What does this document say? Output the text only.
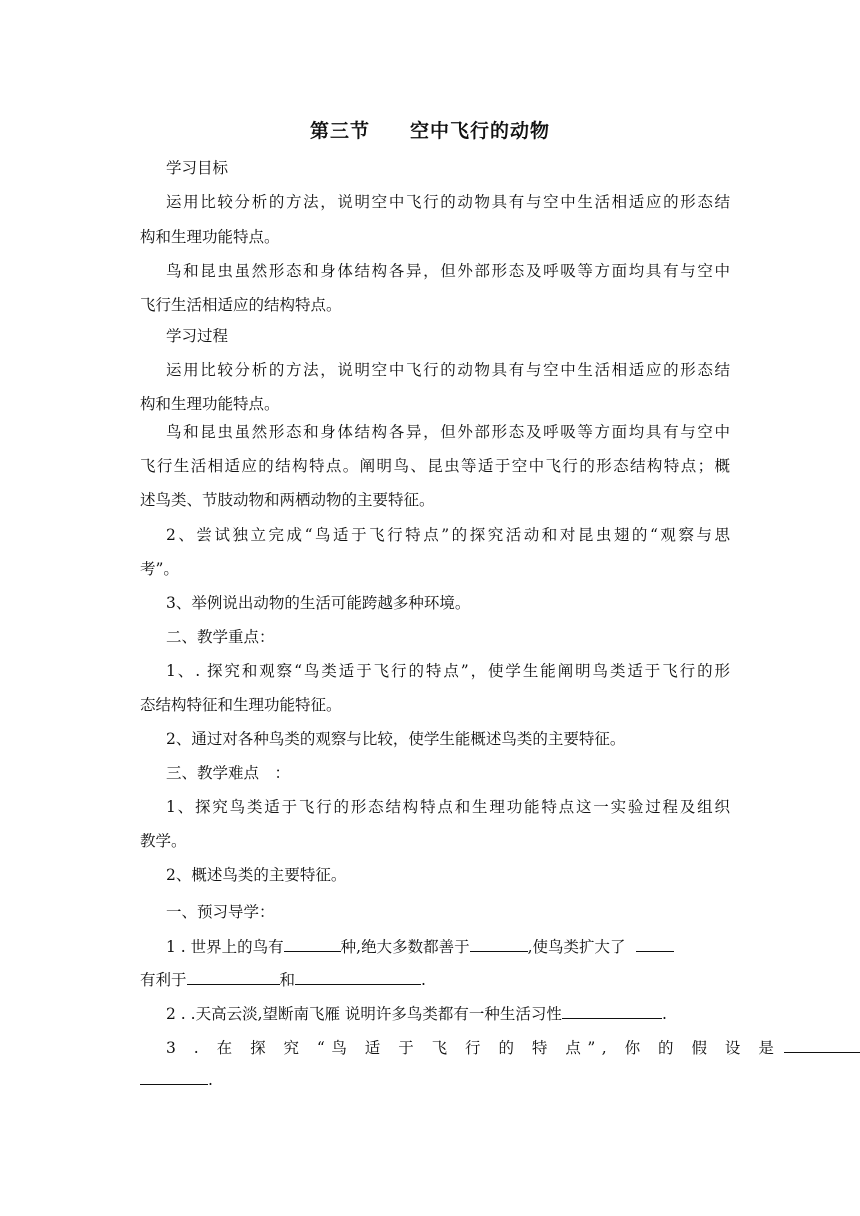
第三节　　空中飞行的动物
学习目标
运用比较分析的方法，说明空中飞行的动物具有与空中生活相适应的形态结
构和生理功能特点。
鸟和昆虫虽然形态和身体结构各异，但外部形态及呼吸等方面均具有与空中
飞行生活相适应的结构特点。
学习过程
运用比较分析的方法，说明空中飞行的动物具有与空中生活相适应的形态结
构和生理功能特点。
鸟和昆虫虽然形态和身体结构各异，但外部形态及呼吸等方面均具有与空中
飞行生活相适应的结构特点。阐明鸟、昆虫等适于空中飞行的形态结构特点；概
述鸟类、节肢动物和两栖动物的主要特征。
2、尝试独立完成“鸟适于飞行特点”的探究活动和对昆虫翅的“观察与思
考”。
3、举例说出动物的生活可能跨越多种环境。
二、教学重点：
1、. 探究和观察“鸟类适于飞行的特点”，使学生能阐明鸟类适于飞行的形
态结构特征和生理功能特征。
2、通过对各种鸟类的观察与比较，使学生能概述鸟类的主要特征。
三、教学难点　：
1、探究鸟类适于飞行的形态结构特点和生理功能特点这一实验过程及组织
教学。
2、概述鸟类的主要特征。
一、预习导学：
1 . 世界上的鸟有	种,绝大多数都善于	,使鸟类扩大了
有利于	和	.
2 . .天高云淡,望断南飞雁 说明许多鸟类都有一种生活习性	.
3 . 在 探 究 “鸟 适 于 飞 行 的 特 点”, 你 的 假 设 是
.
